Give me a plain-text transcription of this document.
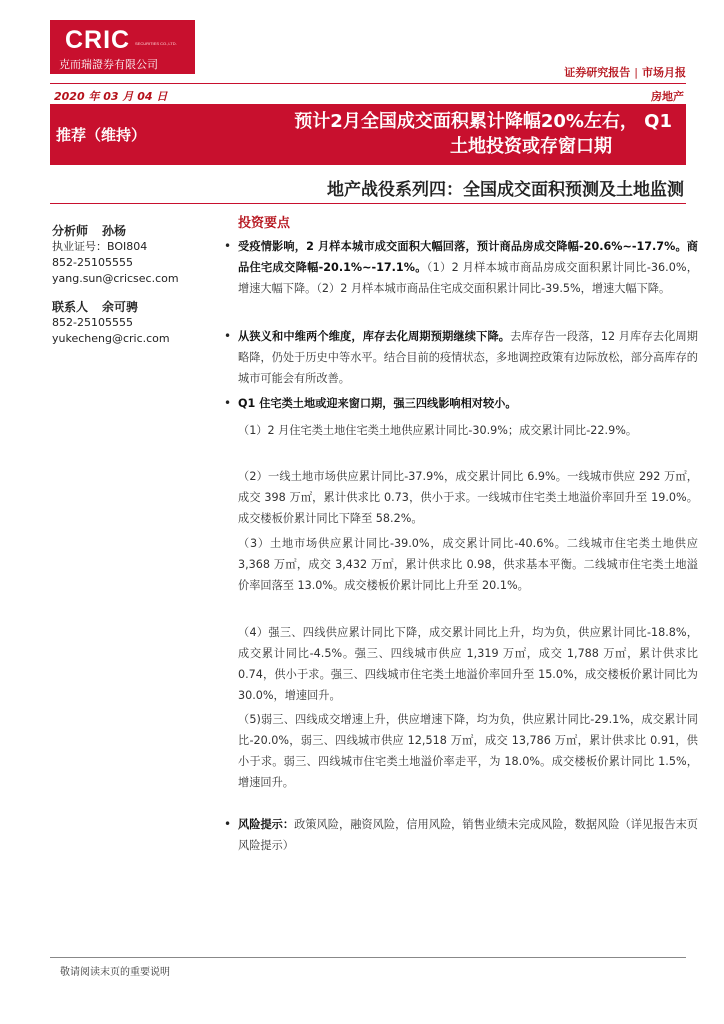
CRIC SECURITIES CO.,LTD.
克而瑞證券有限公司
证券研究报告 | 市场月报
2020 年 03 月 04 日	房地产
推荐（维持）
预计2月全国成交面积累计降幅20%左右， Q1
土地投资或存窗口期
地产战役系列四：全国成交面积预测及土地监测
分析师 孙杨
执业证号：BOI804
852-25105555
yang.sun@cricsec.com
联系人 余可骋
852-25105555
yukecheng@cric.com
投资要点
• 受疫情影响，2 月样本城市成交面积大幅回落，预计商品房成交降幅-20.6%~-17.7%。商品住宅成交降幅-20.1%~-17.1%。（1）2 月样本城市商品房成交面积累计同比-36.0%，增速大幅下降。（2）2 月样本城市商品住宅成交面积累计同比-39.5%，增速大幅下降。
• 从狭义和中维两个维度，库存去化周期预期继续下降。去库存告一段落，12 月库存去化周期略降，仍处于历史中等水平。结合目前的疫情状态，多地调控政策有边际放松，部分高库存的城市可能会有所改善。
• Q1 住宅类土地或迎来窗口期，强三四线影响相对较小。
（1）2 月住宅类土地住宅类土地供应累计同比-30.9%；成交累计同比-22.9%。
（2）一线土地市场供应累计同比-37.9%，成交累计同比 6.9%。一线城市供应 292 万㎡，成交 398 万㎡，累计供求比 0.73，供小于求。一线城市住宅类土地溢价率回升至 19.0%。成交楼板价累计同比下降至 58.2%。
（3）土地市场供应累计同比-39.0%，成交累计同比-40.6%。二线城市住宅类土地供应 3,368 万㎡，成交 3,432 万㎡，累计供求比 0.98，供求基本平衡。二线城市住宅类土地溢价率回落至 13.0%。成交楼板价累计同比上升至 20.1%。
（4）强三、四线供应累计同比下降，成交累计同比上升，均为负，供应累计同比-18.8%，成交累计同比-4.5%。强三、四线城市供应 1,319 万㎡，成交 1,788 万㎡，累计供求比 0.74，供小于求。强三、四线城市住宅类土地溢价率回升至 15.0%，成交楼板价累计同比为 30.0%，增速回升。
（5)弱三、四线成交增速上升，供应增速下降，均为负，供应累计同比-29.1%，成交累计同比-20.0%，弱三、四线城市供应 12,518 万㎡，成交 13,786 万㎡，累计供求比 0.91，供小于求。弱三、四线城市住宅类土地溢价率走平，为 18.0%。成交楼板价累计同比 1.5%，增速回升。
• 风险提示：政策风险，融资风险，信用风险，销售业绩未完成风险，数据风险（详见报告末页风险提示）
敬请阅读末页的重要说明
